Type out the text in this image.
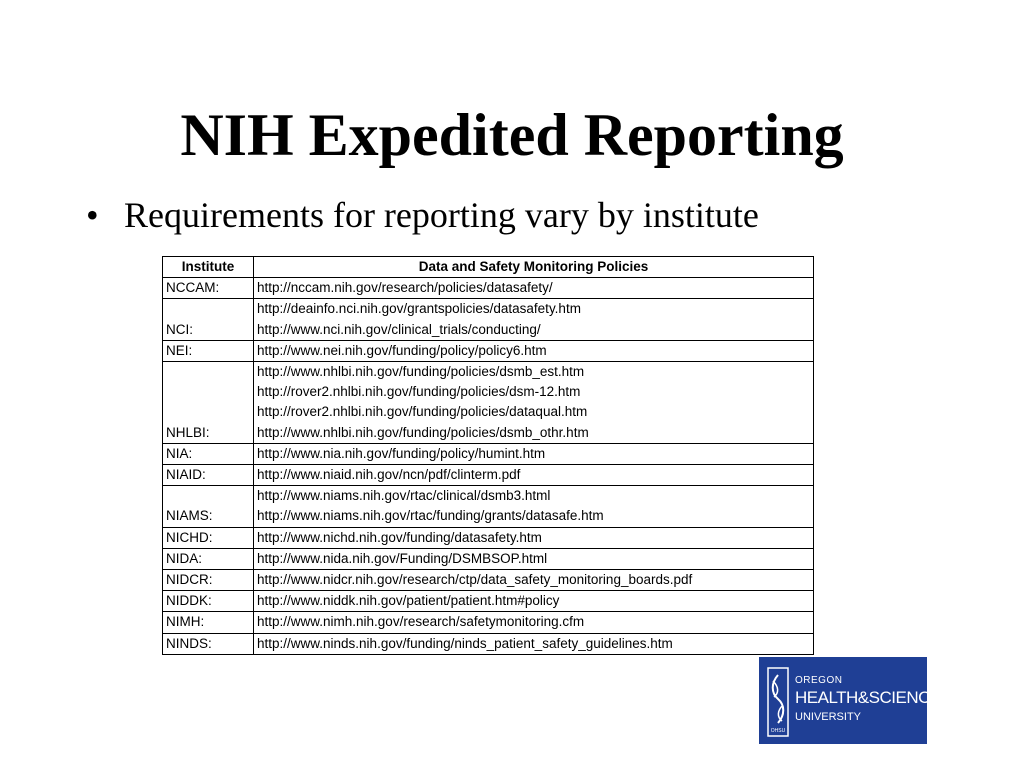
NIH Expedited Reporting
• Requirements for reporting vary by institute
Institute	Data and Safety Monitoring Policies
NCCAM:	http://nccam.nih.gov/research/policies/datasafety/

NCI:	http://deainfo.nci.nih.gov/grantspolicies/datasafety.htm
http://www.nci.nih.gov/clinical_trials/conducting/

NEI:	http://www.nei.nih.gov/funding/policy/policy6.htm

NHLBI:	http://www.nhlbi.nih.gov/funding/policies/dsmb_est.htm
http://rover2.nhlbi.nih.gov/funding/policies/dsm-12.htm
http://rover2.nhlbi.nih.gov/funding/policies/dataqual.htm
http://www.nhlbi.nih.gov/funding/policies/dsmb_othr.htm

NIA:	http://www.nia.nih.gov/funding/policy/humint.htm

NIAID:	http://www.niaid.nih.gov/ncn/pdf/clinterm.pdf

NIAMS:	http://www.niams.nih.gov/rtac/clinical/dsmb3.html
http://www.niams.nih.gov/rtac/funding/grants/datasafe.htm

NICHD:	http://www.nichd.nih.gov/funding/datasafety.htm

NIDA:	http://www.nida.nih.gov/Funding/DSMBSOP.html

NIDCR:	http://www.nidcr.nih.gov/research/ctp/data_safety_monitoring_boards.pdf

NIDDK:	http://www.niddk.nih.gov/patient/patient.htm#policy

NIMH:	http://www.nimh.nih.gov/research/safetymonitoring.cfm

NINDS:	http://www.ninds.nih.gov/funding/ninds_patient_safety_guidelines.htm
OHSU
OREGON
HEALTH&SCIENCE
UNIVERSITY
